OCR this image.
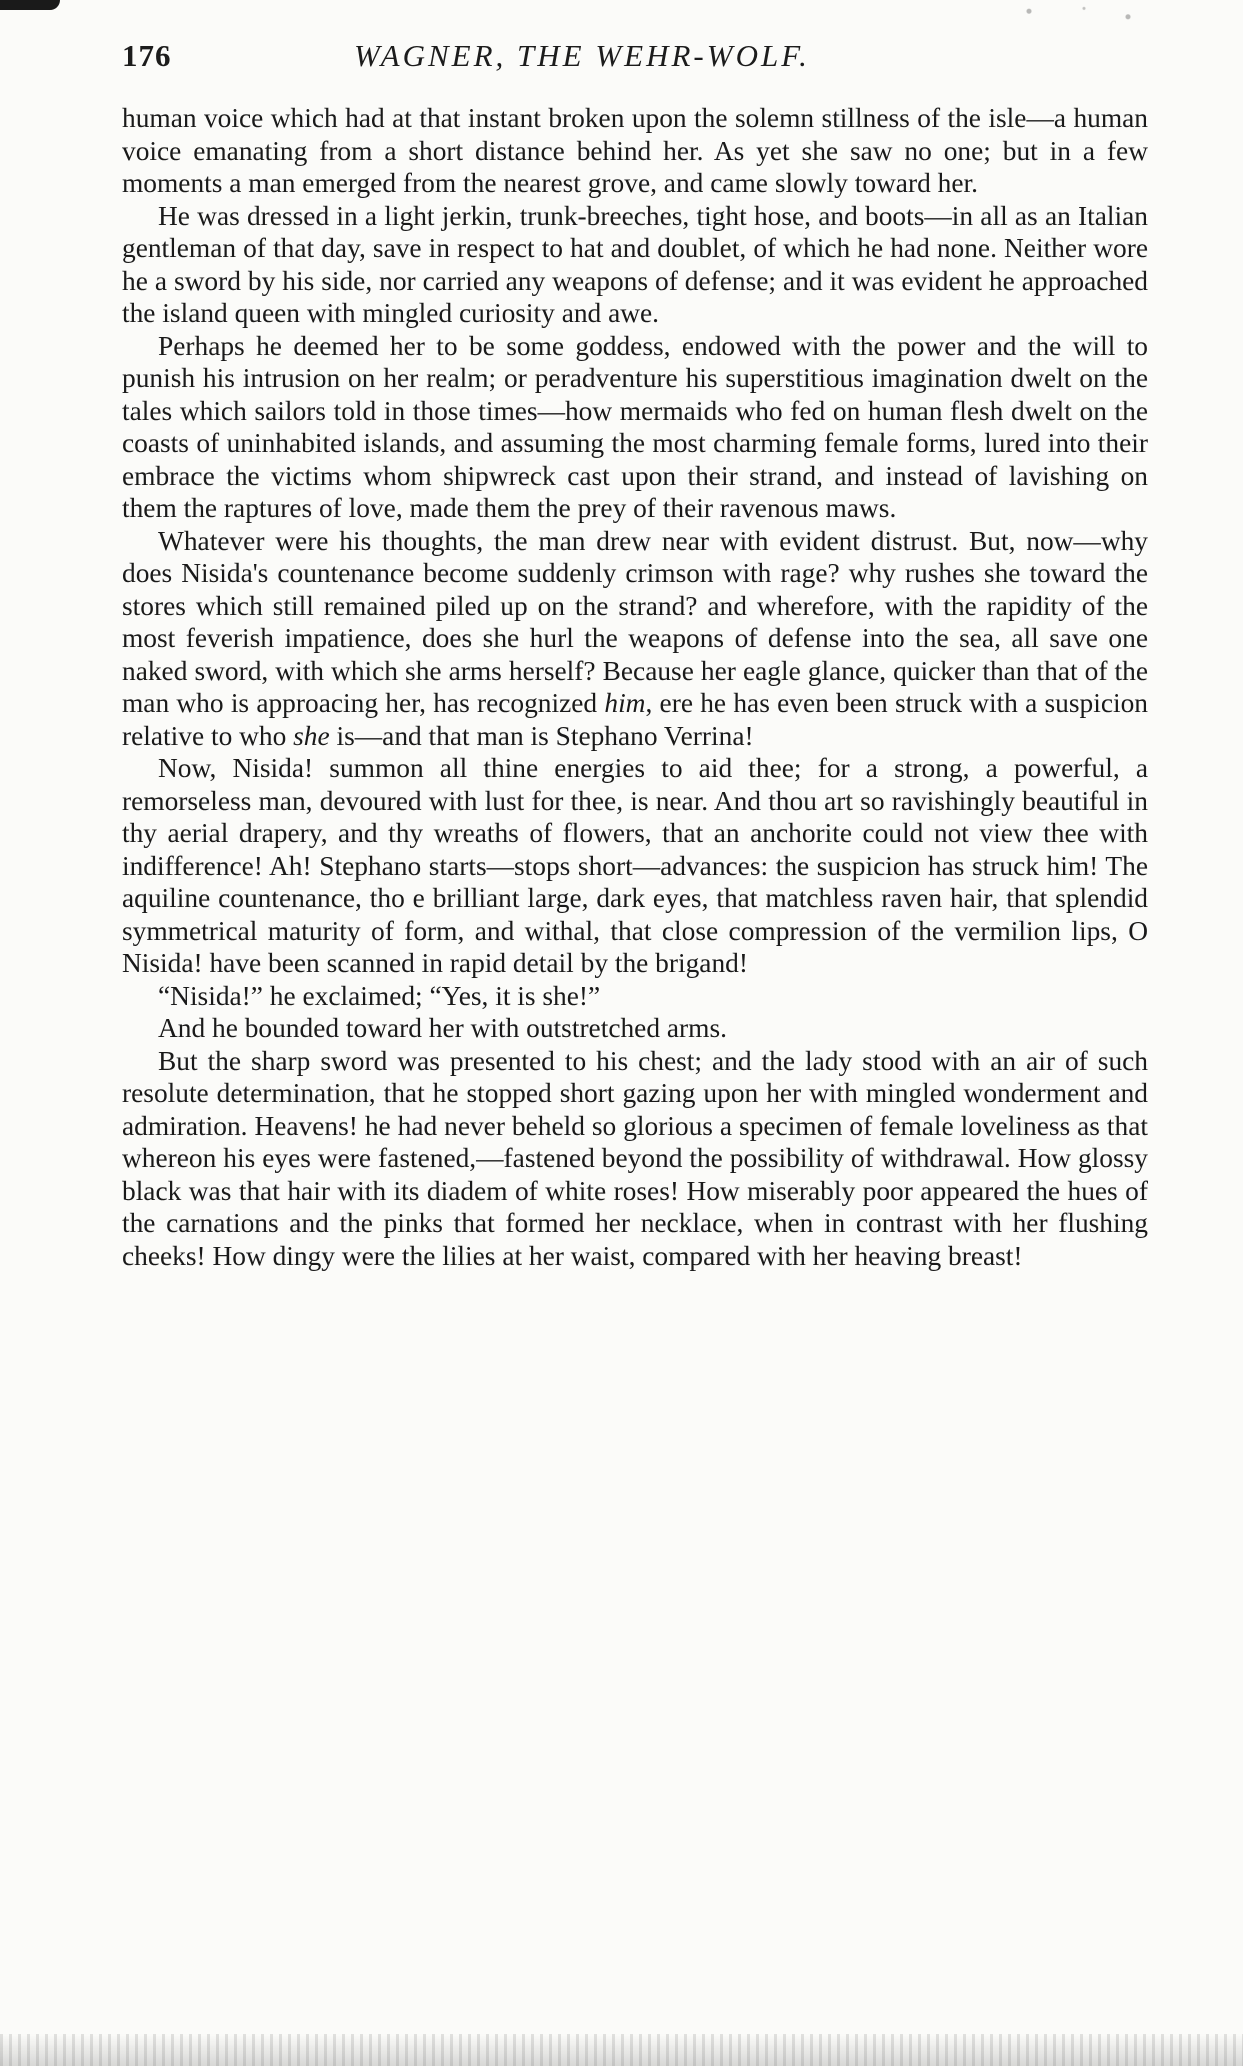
176	WAGNER, THE WEHR-WOLF.

human voice which had at that instant broken upon the solemn stillness of the isle—a human voice emanating from a short distance behind her. As yet she saw no one; but in a few moments a man emerged from the nearest grove, and came slowly toward her.

He was dressed in a light jerkin, trunk-breeches, tight hose, and boots—in all as an Italian gentleman of that day, save in respect to hat and doublet, of which he had none. Neither wore he a sword by his side, nor carried any weapons of defense; and it was evident he approached the island queen with mingled curiosity and awe.

Perhaps he deemed her to be some goddess, endowed with the power and the will to punish his intrusion on her realm; or peradventure his superstitious imagination dwelt on the tales which sailors told in those times—how mermaids who fed on human flesh dwelt on the coasts of uninhabited islands, and assuming the most charming female forms, lured into their embrace the victims whom shipwreck cast upon their strand, and instead of lavishing on them the raptures of love, made them the prey of their ravenous maws.

Whatever were his thoughts, the man drew near with evident distrust. But, now—why does Nisida's countenance become suddenly crimson with rage? why rushes she toward the stores which still remained piled up on the strand? and wherefore, with the rapidity of the most feverish impatience, does she hurl the weapons of defense into the sea, all save one naked sword, with which she arms herself? Because her eagle glance, quicker than that of the man who is approacing her, has recognized him, ere he has even been struck with a suspicion relative to who she is—and that man is Stephano Verrina!

Now, Nisida! summon all thine energies to aid thee; for a strong, a powerful, a remorseless man, devoured with lust for thee, is near. And thou art so ravishingly beautiful in thy aerial drapery, and thy wreaths of flowers, that an anchorite could not view thee with indifference! Ah! Stephano starts—stops short—advances: the suspicion has struck him! The aquiline countenance, tho e brilliant large, dark eyes, that matchless raven hair, that splendid symmetrical maturity of form, and withal, that close compression of the vermilion lips, O Nisida! have been scanned in rapid detail by the brigand!

“Nisida!” he exclaimed; “Yes, it is she!”

And he bounded toward her with outstretched arms.

But the sharp sword was presented to his chest; and the lady stood with an air of such resolute determination, that he stopped short gazing upon her with mingled wonderment and admiration. Heavens! he had never beheld so glorious a specimen of female loveliness as that whereon his eyes were fastened,—fastened beyond the possibility of withdrawal. How glossy black was that hair with its diadem of white roses! How miserably poor appeared the hues of the carnations and the pinks that formed her necklace, when in contrast with her flushing cheeks! How dingy were the lilies at her waist, compared with her heaving breast!
